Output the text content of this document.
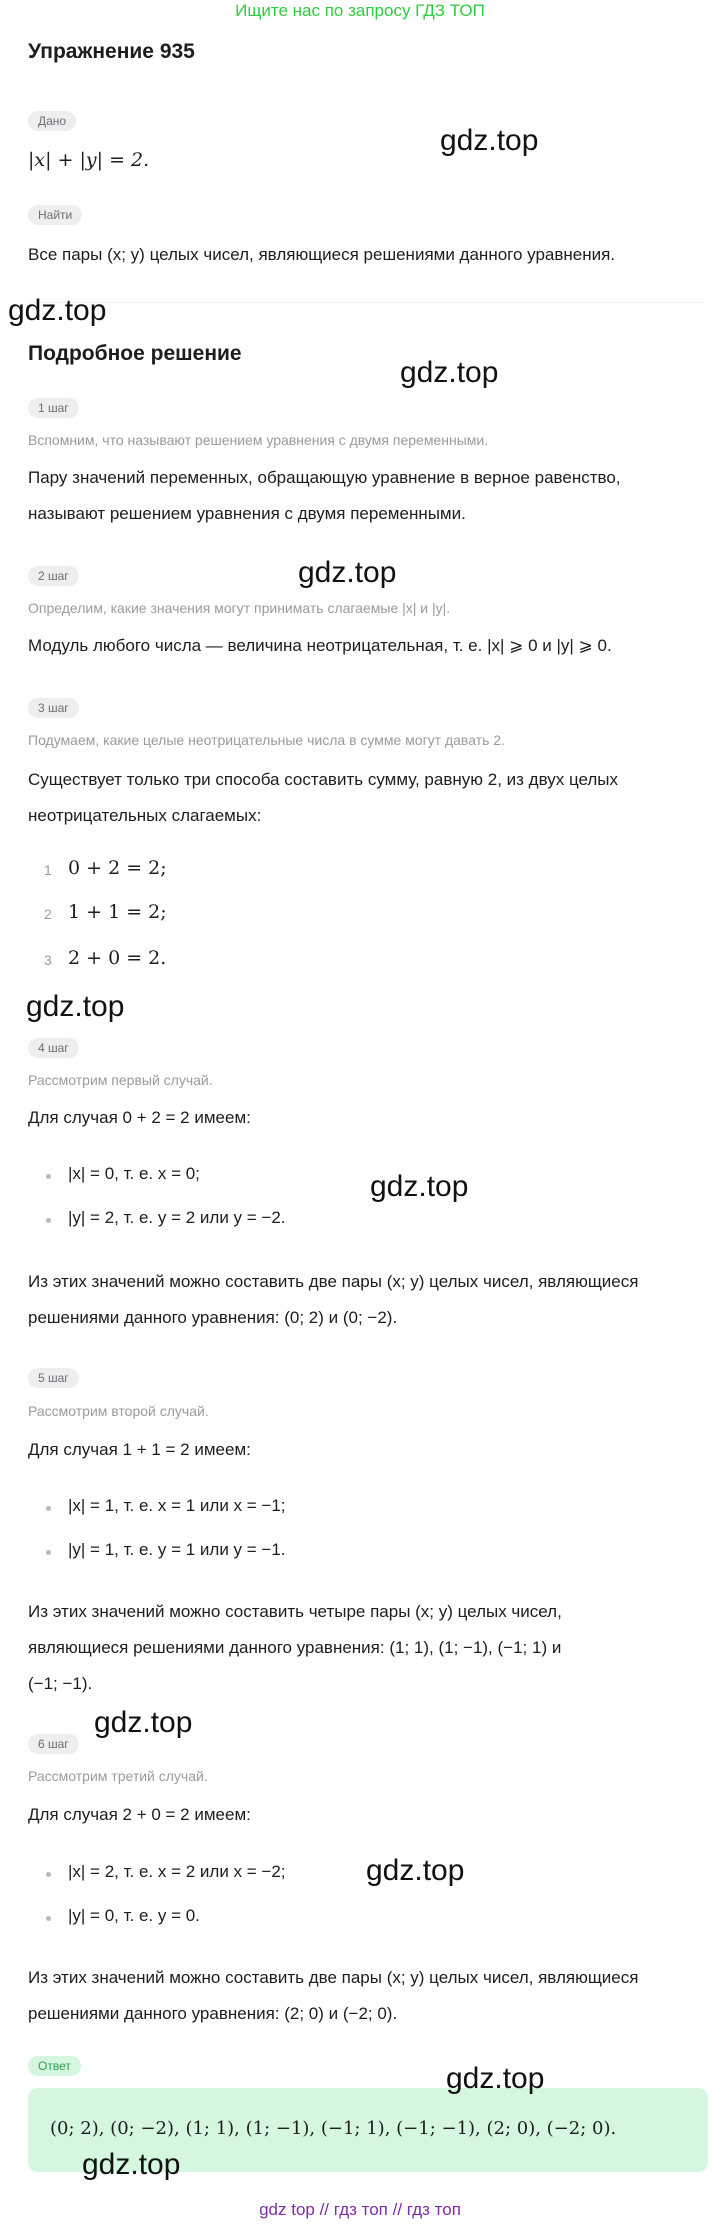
Ищите нас по запросу ГДЗ ТОП
Упражнение 935
Дано
|x| + |y| = 2.
Найти
Все пары (x; y) целых чисел, являющиеся решениями данного уравнения.
Подробное решение
1 шаг
Вспомним, что называют решением уравнения с двумя переменными.
Пару значений переменных, обращающую уравнение в верное равенство,
называют решением уравнения с двумя переменными.
2 шаг
Определим, какие значения могут принимать слагаемые |x| и |y|.
Модуль любого числа — величина неотрицательная, т. е. |x| ⩾ 0 и |y| ⩾ 0.
3 шаг
Подумаем, какие целые неотрицательные числа в сумме могут давать 2.
Существует только три способа составить сумму, равную 2, из двух целых
неотрицательных слагаемых:
1 0 + 2 = 2;
2 1 + 1 = 2;
3 2 + 0 = 2.
4 шаг
Рассмотрим первый случай.
Для случая 0 + 2 = 2 имеем:
|x| = 0, т. е. x = 0;
|y| = 2, т. е. y = 2 или y = −2.
Из этих значений можно составить две пары (x; y) целых чисел, являющиеся
решениями данного уравнения: (0; 2) и (0; −2).
5 шаг
Рассмотрим второй случай.
Для случая 1 + 1 = 2 имеем:
|x| = 1, т. е. x = 1 или x = −1;
|y| = 1, т. е. y = 1 или y = −1.
Из этих значений можно составить четыре пары (x; y) целых чисел,
являющиеся решениями данного уравнения: (1; 1), (1; −1), (−1; 1) и
(−1; −1).
6 шаг
Рассмотрим третий случай.
Для случая 2 + 0 = 2 имеем:
|x| = 2, т. е. x = 2 или x = −2;
|y| = 0, т. е. y = 0.
Из этих значений можно составить две пары (x; y) целых чисел, являющиеся
решениями данного уравнения: (2; 0) и (−2; 0).
Ответ
(0; 2), (0; −2), (1; 1), (1; −1), (−1; 1), (−1; −1), (2; 0), (−2; 0).
gdz.top
gdz.top
gdz.top
gdz.top
gdz.top
gdz.top
gdz.top
gdz.top
gdz.top
gdz.top
gdz top // гдз топ // гдз топ
